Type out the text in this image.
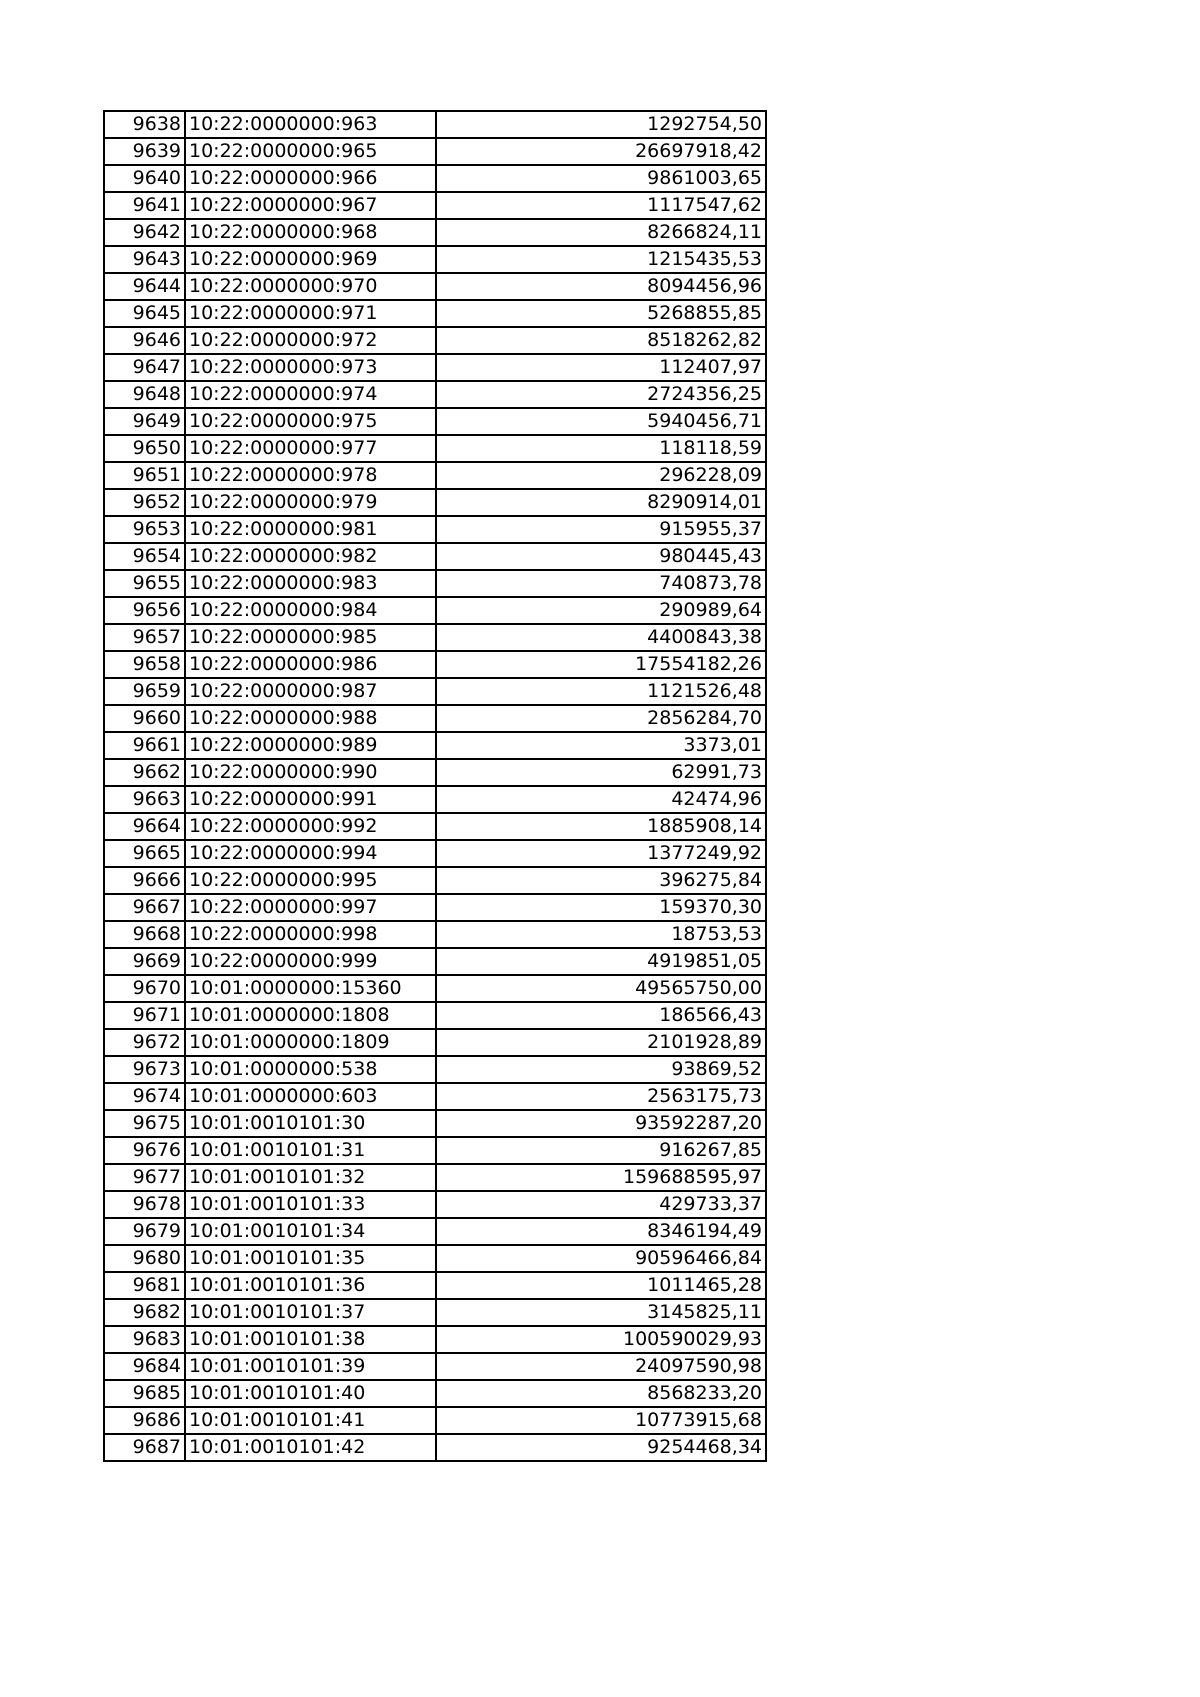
9638	10:22:0000000:963	1292754,50
9639	10:22:0000000:965	26697918,42
9640	10:22:0000000:966	9861003,65
9641	10:22:0000000:967	1117547,62
9642	10:22:0000000:968	8266824,11
9643	10:22:0000000:969	1215435,53
9644	10:22:0000000:970	8094456,96
9645	10:22:0000000:971	5268855,85
9646	10:22:0000000:972	8518262,82
9647	10:22:0000000:973	112407,97
9648	10:22:0000000:974	2724356,25
9649	10:22:0000000:975	5940456,71
9650	10:22:0000000:977	118118,59
9651	10:22:0000000:978	296228,09
9652	10:22:0000000:979	8290914,01
9653	10:22:0000000:981	915955,37
9654	10:22:0000000:982	980445,43
9655	10:22:0000000:983	740873,78
9656	10:22:0000000:984	290989,64
9657	10:22:0000000:985	4400843,38
9658	10:22:0000000:986	17554182,26
9659	10:22:0000000:987	1121526,48
9660	10:22:0000000:988	2856284,70
9661	10:22:0000000:989	3373,01
9662	10:22:0000000:990	62991,73
9663	10:22:0000000:991	42474,96
9664	10:22:0000000:992	1885908,14
9665	10:22:0000000:994	1377249,92
9666	10:22:0000000:995	396275,84
9667	10:22:0000000:997	159370,30
9668	10:22:0000000:998	18753,53
9669	10:22:0000000:999	4919851,05
9670	10:01:0000000:15360	49565750,00
9671	10:01:0000000:1808	186566,43
9672	10:01:0000000:1809	2101928,89
9673	10:01:0000000:538	93869,52
9674	10:01:0000000:603	2563175,73
9675	10:01:0010101:30	93592287,20
9676	10:01:0010101:31	916267,85
9677	10:01:0010101:32	159688595,97
9678	10:01:0010101:33	429733,37
9679	10:01:0010101:34	8346194,49
9680	10:01:0010101:35	90596466,84
9681	10:01:0010101:36	1011465,28
9682	10:01:0010101:37	3145825,11
9683	10:01:0010101:38	100590029,93
9684	10:01:0010101:39	24097590,98
9685	10:01:0010101:40	8568233,20
9686	10:01:0010101:41	10773915,68
9687	10:01:0010101:42	9254468,34
